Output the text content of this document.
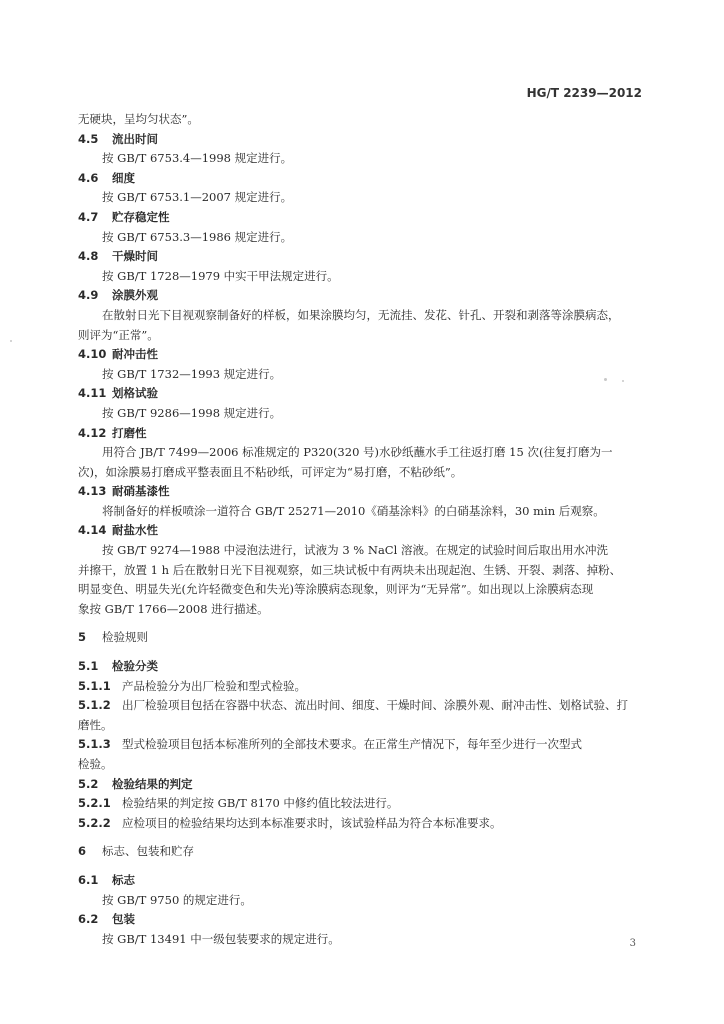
HG/T 2239—2012
无硬块，呈均匀状态”。
4.5 流出时间
按 GB/T 6753.4—1998 规定进行。
4.6 细度
按 GB/T 6753.1—2007 规定进行。
4.7 贮存稳定性
按 GB/T 6753.3—1986 规定进行。
4.8 干燥时间
按 GB/T 1728—1979 中实干甲法规定进行。
4.9 涂膜外观
在散射日光下目视观察制备好的样板，如果涂膜均匀，无流挂、发花、针孔、开裂和剥落等涂膜病态，
则评为“正常”。
4.10 耐冲击性
按 GB/T 1732—1993 规定进行。
4.11 划格试验
按 GB/T 9286—1998 规定进行。
4.12 打磨性
用符合 JB/T 7499—2006 标准规定的 P320(320 号)水砂纸蘸水手工往返打磨 15 次(往复打磨为一
次)，如涂膜易打磨成平整表面且不粘砂纸，可评定为“易打磨，不粘砂纸”。
4.13 耐硝基漆性
将制备好的样板喷涂一道符合 GB/T 25271—2010《硝基涂料》的白硝基涂料，30 min 后观察。
4.14 耐盐水性
按 GB/T 9274—1988 中浸泡法进行，试液为 3 % NaCl 溶液。在规定的试验时间后取出用水冲洗
并擦干，放置 1 h 后在散射日光下目视观察，如三块试板中有两块未出现起泡、生锈、开裂、剥落、掉粉、
明显变色、明显失光(允许轻微变色和失光)等涂膜病态现象，则评为“无异常”。如出现以上涂膜病态现
象按 GB/T 1766—2008 进行描述。
5 检验规则
5.1 检验分类
5.1.1 产品检验分为出厂检验和型式检验。
5.1.2 出厂检验项目包括在容器中状态、流出时间、细度、干燥时间、涂膜外观、耐冲击性、划格试验、打
磨性。
5.1.3 型式检验项目包括本标准所列的全部技术要求。在正常生产情况下，每年至少进行一次型式
检验。
5.2 检验结果的判定
5.2.1 检验结果的判定按 GB/T 8170 中修约值比较法进行。
5.2.2 应检项目的检验结果均达到本标准要求时，该试验样品为符合本标准要求。
6 标志、包装和贮存
6.1 标志
按 GB/T 9750 的规定进行。
6.2 包装
按 GB/T 13491 中一级包装要求的规定进行。	3
